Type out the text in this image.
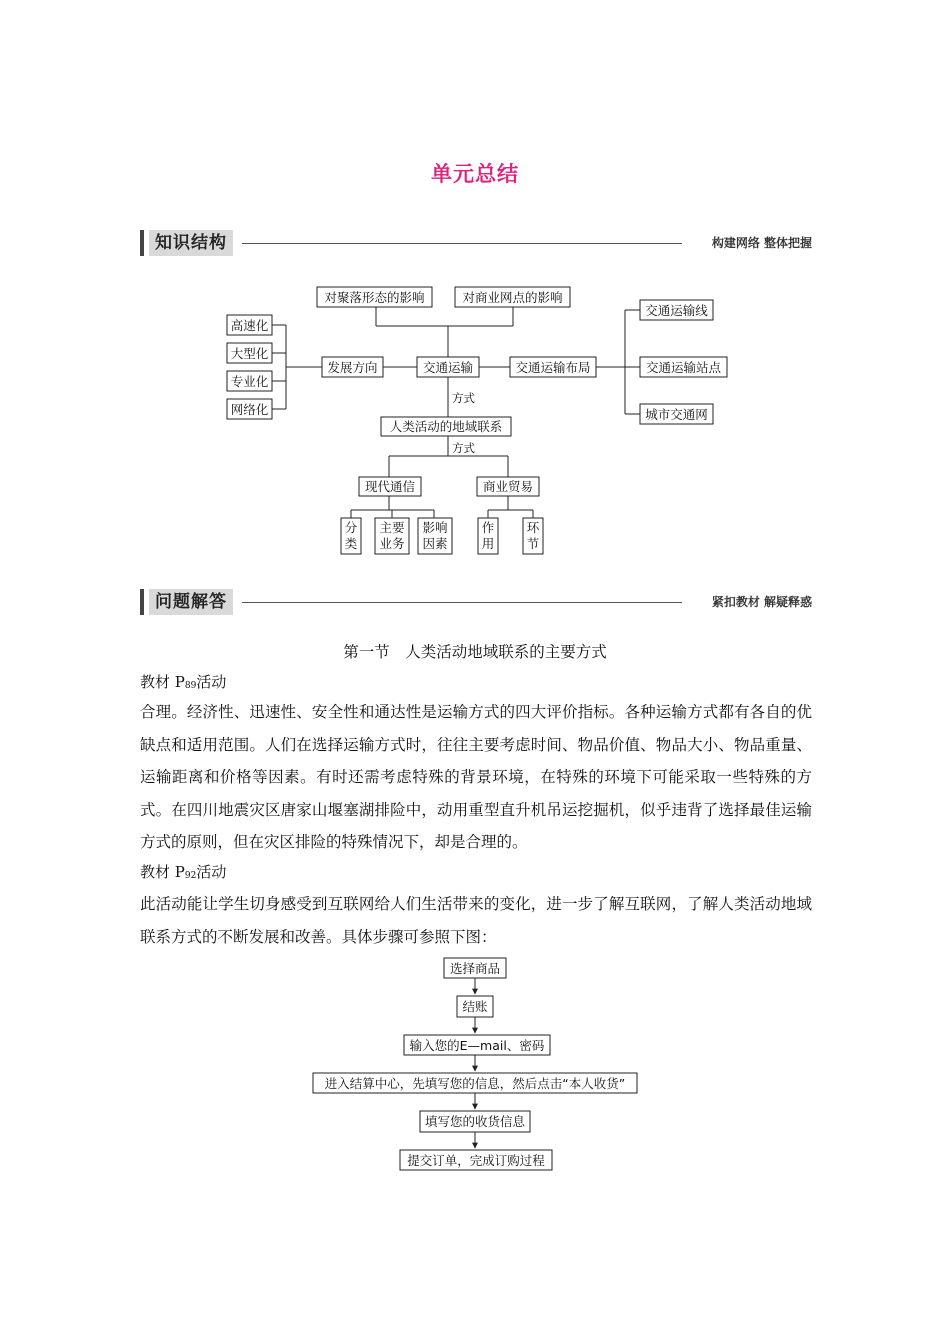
单元总结
知识结构	构建网络 整体把握
对聚落形态的影响	对商业网点的影响
高速化
大型化
专业化
网络化
发展方向	交通运输	交通运输布局
交通运输线
交通运输站点
城市交通网
人类活动的地域联系
现代通信	商业贸易
分
类
主要
业务
影响
因素
作
用
环
节
方式
方式
问题解答	紧扣教材 解疑释惑
第一节　人类活动地域联系的主要方式
教材 $P_{89}$活动
合理。经济性、迅速性、安全性和通达性是运输方式的四大评价指标。各种运输方式都有各自的优缺点和适用范围。人们在选择运输方式时，往往主要考虑时间、物品价值、物品大小、物品重量、运输距离和价格等因素。有时还需考虑特殊的背景环境，在特殊的环境下可能采取一些特殊的方式。在四川地震灾区唐家山堰塞湖排险中，动用重型直升机吊运挖掘机，似乎违背了选择最佳运输方式的原则，但在灾区排险的特殊情况下，却是合理的。
教材 $P_{92}$活动
此活动能让学生切身感受到互联网给人们生活带来的变化，进一步了解互联网，了解人类活动地域联系方式的不断发展和改善。具体步骤可参照下图：
选择商品
结账
输入您的E—mail、密码
进入结算中心，先填写您的信息，然后点击“本人收货”
填写您的收货信息
提交订单，完成订购过程
